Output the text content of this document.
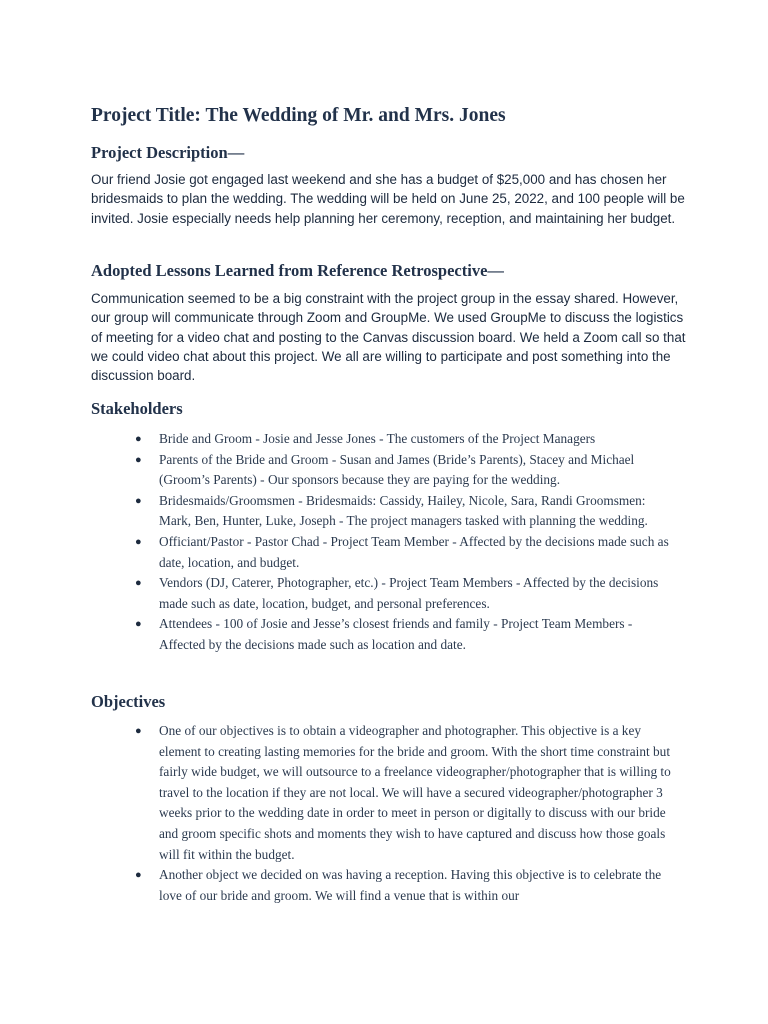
Project Title: The Wedding of Mr. and Mrs. Jones
Project Description—

Our friend Josie got engaged last weekend and she has a budget of $25,000 and has chosen her bridesmaids to plan the wedding. The wedding will be held on June 25, 2022, and 100 people will be invited. Josie especially needs help planning her ceremony, reception, and maintaining her budget.

Adopted Lessons Learned from Reference Retrospective—

Communication seemed to be a big constraint with the project group in the essay shared. However, our group will communicate through Zoom and GroupMe. We used GroupMe to discuss the logistics of meeting for a video chat and posting to the Canvas discussion board. We held a Zoom call so that we could video chat about this project. We all are willing to participate and post something into the discussion board.

Stakeholders
● Bride and Groom - Josie and Jesse Jones - The customers of the Project Managers
● Parents of the Bride and Groom - Susan and James (Bride’s Parents), Stacey and Michael (Groom’s Parents) - Our sponsors because they are paying for the wedding.
● Bridesmaids/Groomsmen - Bridesmaids: Cassidy, Hailey, Nicole, Sara, Randi Groomsmen: Mark, Ben, Hunter, Luke, Joseph - The project managers tasked with planning the wedding.
● Officiant/Pastor - Pastor Chad - Project Team Member - Affected by the decisions made such as date, location, and budget.
● Vendors (DJ, Caterer, Photographer, etc.) - Project Team Members - Affected by the decisions made such as date, location, budget, and personal preferences.
● Attendees - 100 of Josie and Jesse’s closest friends and family - Project Team Members - Affected by the decisions made such as location and date.
Objectives
● One of our objectives is to obtain a videographer and photographer. This objective is a key element to creating lasting memories for the bride and groom. With the short time constraint but fairly wide budget, we will outsource to a freelance videographer/photographer that is willing to travel to the location if they are not local. We will have a secured videographer/photographer 3 weeks prior to the wedding date in order to meet in person or digitally to discuss with our bride and groom specific shots and moments they wish to have captured and discuss how those goals will fit within the budget.
● Another object we decided on was having a reception. Having this objective is to celebrate the love of our bride and groom. We will find a venue that is within our
